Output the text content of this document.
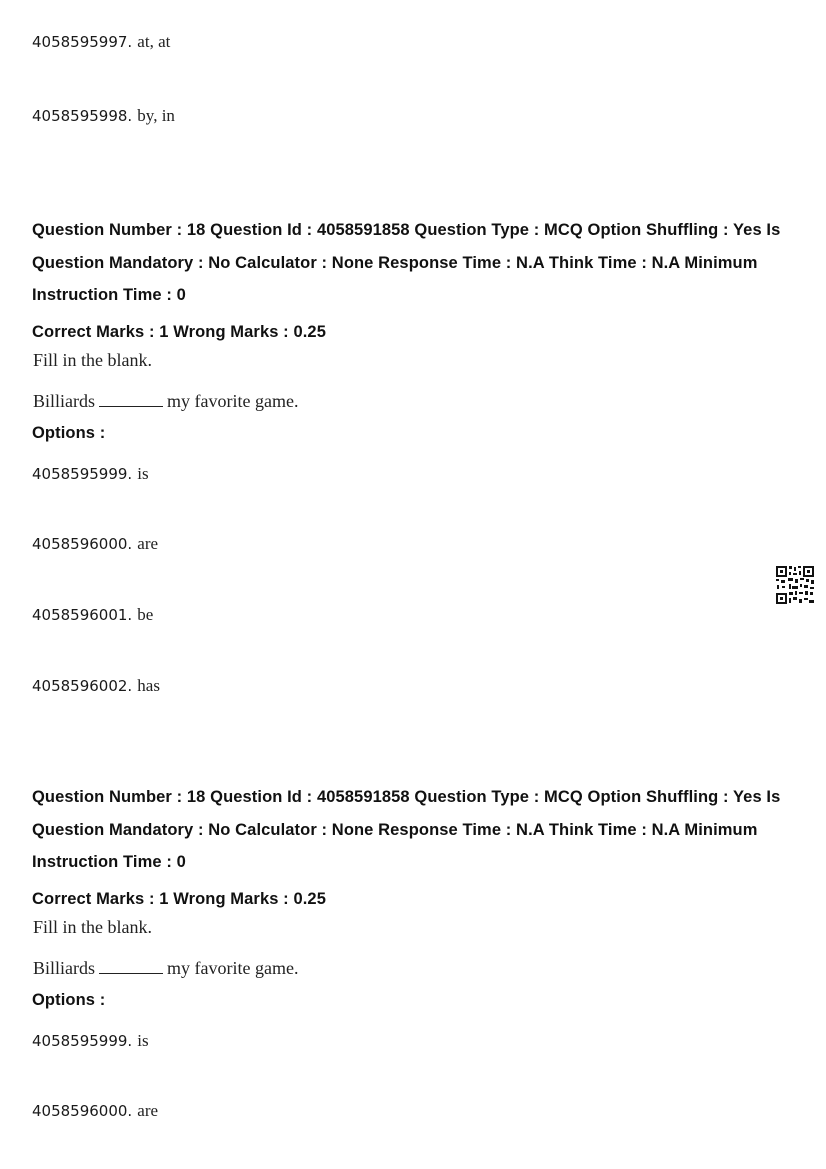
4058595997. at, at
4058595998. by, in
Question Number : 18 Question Id : 4058591858 Question Type : MCQ Option Shuffling : Yes Is
Question Mandatory : No Calculator : None Response Time : N.A Think Time : N.A Minimum
Instruction Time : 0
Correct Marks : 1 Wrong Marks : 0.25
Fill in the blank.
Billiards	my favorite game.
Options :
4058595999. is
4058596000. are
4058596001. be
4058596002. has
Question Number : 18 Question Id : 4058591858 Question Type : MCQ Option Shuffling : Yes Is
Question Mandatory : No Calculator : None Response Time : N.A Think Time : N.A Minimum
Instruction Time : 0
Correct Marks : 1 Wrong Marks : 0.25
Fill in the blank.
Billiards	my favorite game.
Options :
4058595999. is
4058596000. are
